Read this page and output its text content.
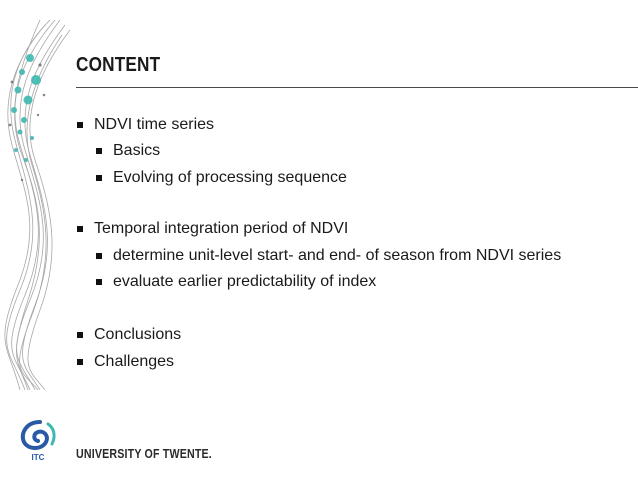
CONTENT
NDVI time series
Basics
Evolving of processing sequence
Temporal integration period of NDVI
determine unit-level start- and end- of season from NDVI series
evaluate earlier predictability of index
Conclusions
Challenges
ITC UNIVERSITY OF TWENTE.
